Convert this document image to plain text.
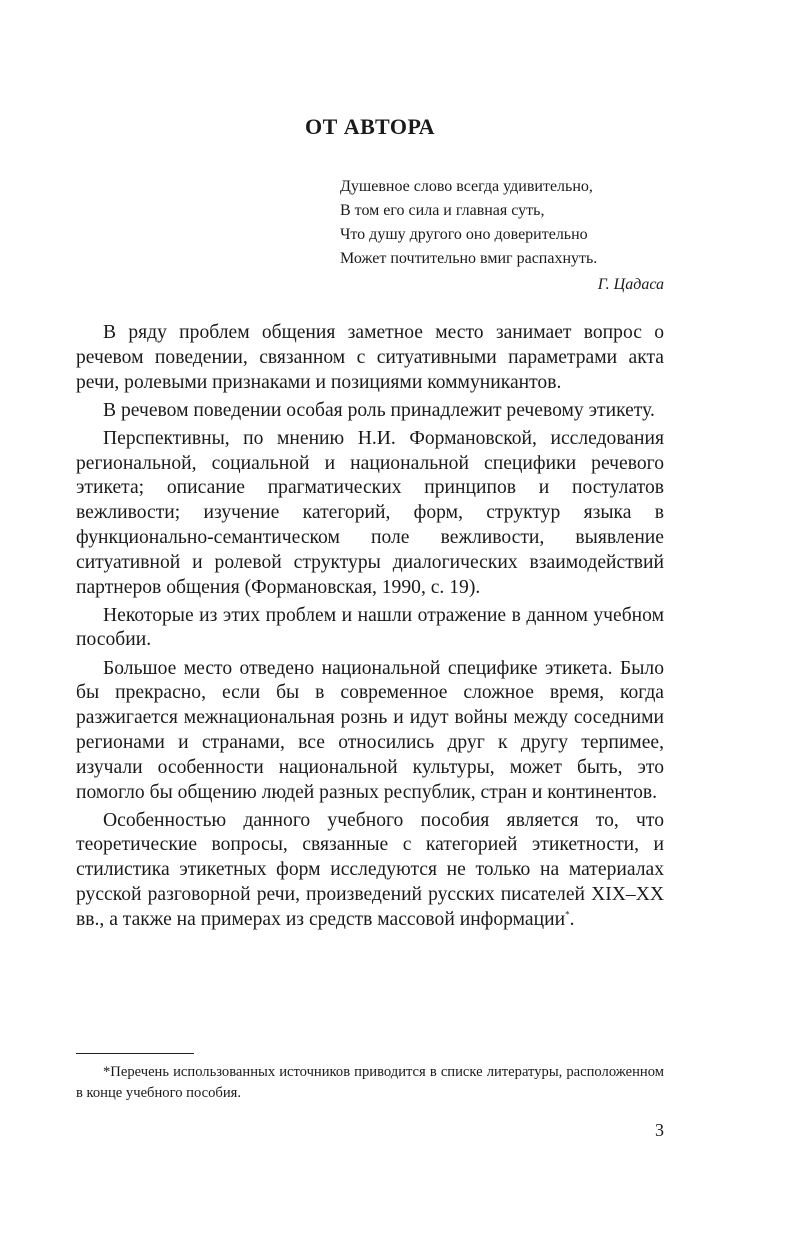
ОТ АВТОРА
Душевное слово всегда удивительно,
В том его сила и главная суть,
Что душу другого оно доверительно
Может почтительно вмиг распахнуть.
Г. Цадаса

В ряду проблем общения заметное место занимает вопрос о речевом поведении, связанном с ситуативными параметрами акта речи, ролевыми признаками и позициями коммуникантов.

В речевом поведении особая роль принадлежит речевому этикету.

Перспективны, по мнению Н.И. Формановской, исследования региональной, социальной и национальной специфики речевого этикета; описание прагматических принципов и постулатов вежливости; изучение категорий, форм, структур языка в функционально-семантическом поле вежливости, выявление ситуативной и ролевой структуры диалогических взаимодействий партнеров общения (Формановская, 1990, с. 19).

Некоторые из этих проблем и нашли отражение в данном учебном пособии.

Большое место отведено национальной специфике этикета. Было бы прекрасно, если бы в современное сложное время, когда разжигается межнациональная рознь и идут войны между соседними регионами и странами, все относились друг к другу терпимее, изучали особенности национальной культуры, может быть, это помогло бы общению людей разных республик, стран и континентов.

Особенностью данного учебного пособия является то, что теоретические вопросы, связанные с категорией этикетности, и стилистика этикетных форм исследуются не только на материалах русской разговорной речи, произведений русских писателей XIX–XX вв., а также на примерах из средств массовой информации*.

*Перечень использованных источников приводится в списке литературы, расположенном в конце учебного пособия.
3
